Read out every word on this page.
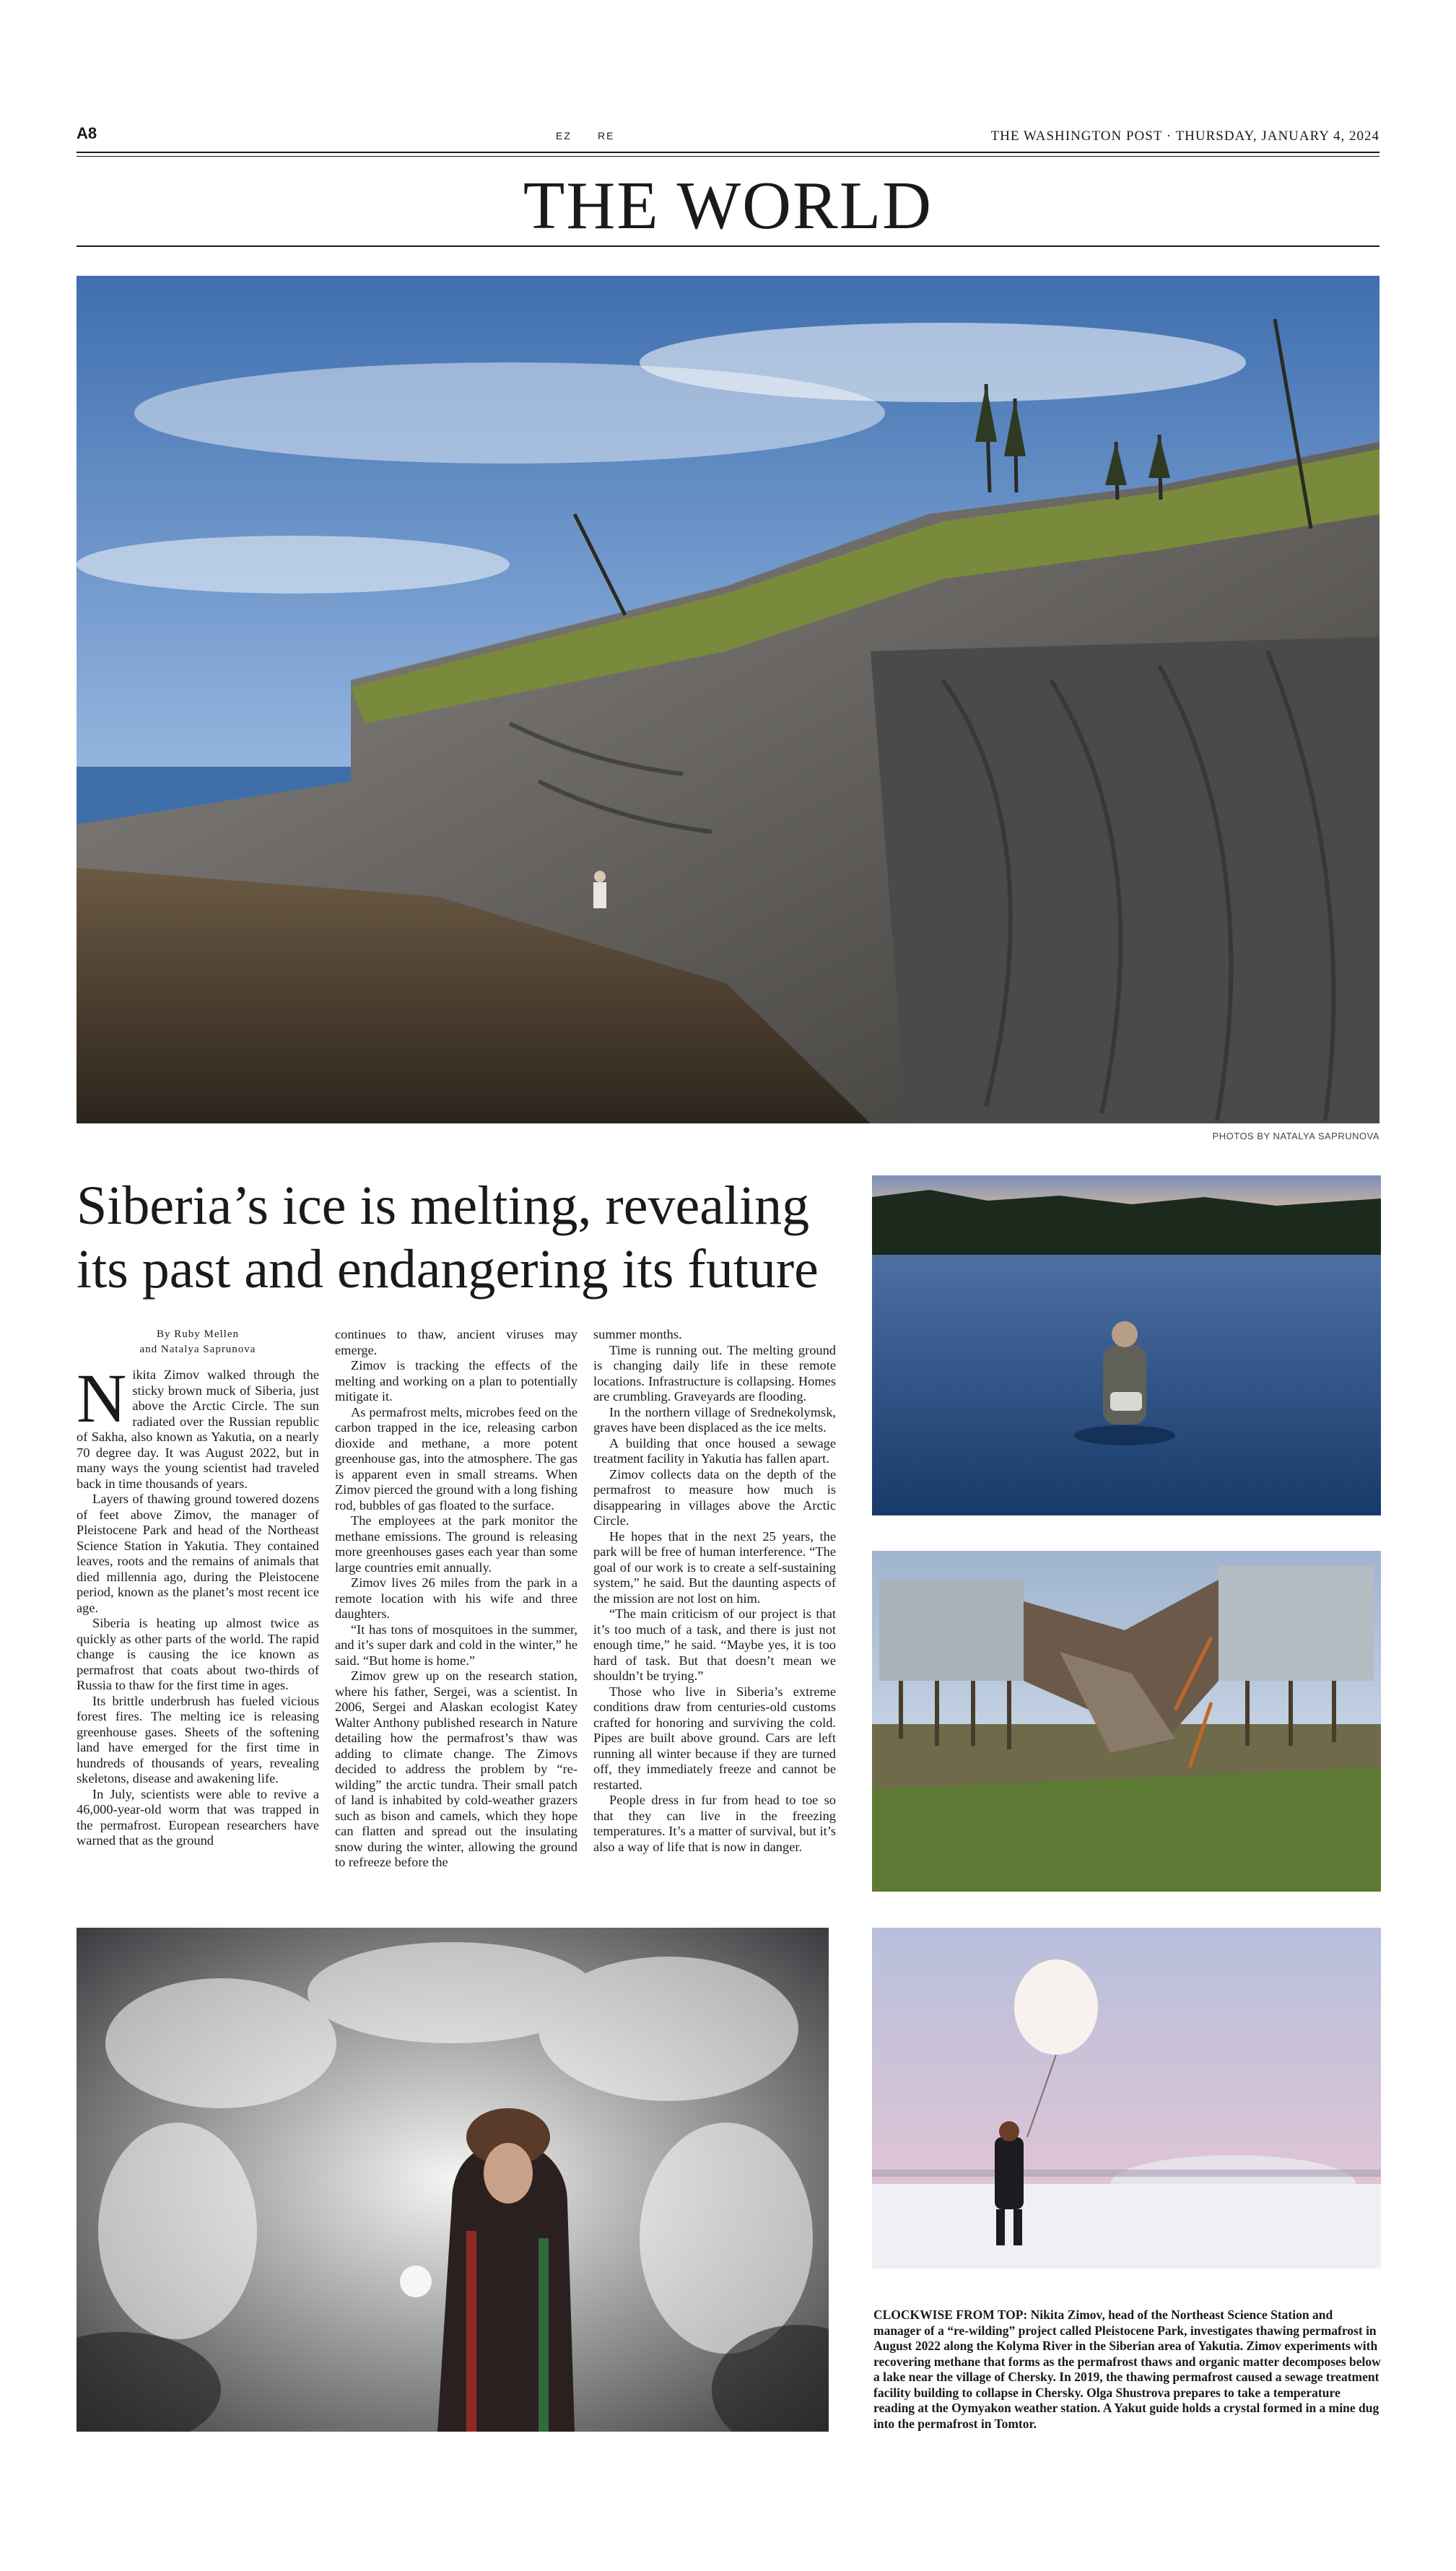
A8	EZ	RE	THE WASHINGTON POST · THURSDAY, JANUARY 4, 2024
THE WORLD
PHOTOS BY NATALYA SAPRUNOVA
Siberia’s ice is melting, revealing its past and endangering its future
By Ruby Mellen
and Natalya Saprunova

Nikita Zimov walked through the sticky brown muck of Siberia, just above the Arctic Circle. The sun radiated over the Russian republic of Sakha, also known as Yakutia, on a nearly 70 degree day. It was August 2022, but in many ways the young scientist had traveled back in time thousands of years.

Layers of thawing ground towered dozens of feet above Zimov, the manager of Pleistocene Park and head of the Northeast Science Station in Yakutia. They contained leaves, roots and the remains of animals that died millennia ago, during the Pleistocene period, known as the planet’s most recent ice age.

Siberia is heating up almost twice as quickly as other parts of the world. The rapid change is causing the ice known as permafrost that coats about two-thirds of Russia to thaw for the first time in ages.

Its brittle underbrush has fueled vicious forest fires. The melting ice is releasing greenhouse gases. Sheets of the softening land have emerged for the first time in hundreds of thousands of years, revealing skeletons, disease and awakening life.

In July, scientists were able to revive a 46,000-year-old worm that was trapped in the permafrost. European researchers have warned that as the ground

continues to thaw, ancient viruses may emerge.

Zimov is tracking the effects of the melting and working on a plan to potentially mitigate it.

As permafrost melts, microbes feed on the carbon trapped in the ice, releasing carbon dioxide and methane, a more potent greenhouse gas, into the atmosphere. The gas is apparent even in small streams. When Zimov pierced the ground with a long fishing rod, bubbles of gas floated to the surface.

The employees at the park monitor the methane emissions. The ground is releasing more greenhouses gases each year than some large countries emit annually.

Zimov lives 26 miles from the park in a remote location with his wife and three daughters.

“It has tons of mosquitoes in the summer, and it’s super dark and cold in the winter,” he said. “But home is home.”

Zimov grew up on the research station, where his father, Sergei, was a scientist. In 2006, Sergei and Alaskan ecologist Katey Walter Anthony published research in Nature detailing how the permafrost’s thaw was adding to climate change. The Zimovs decided to address the problem by “re-wilding” the arctic tundra. Their small patch of land is inhabited by cold-weather grazers such as bison and camels, which they hope can flatten and spread out the insulating snow during the winter, allowing the ground to refreeze before the

summer months.

Time is running out. The melting ground is changing daily life in these remote locations. Infrastructure is collapsing. Homes are crumbling. Graveyards are flooding.

In the northern village of Srednekolymsk, graves have been displaced as the ice melts.

A building that once housed a sewage treatment facility in Yakutia has fallen apart.

Zimov collects data on the depth of the permafrost to measure how much is disappearing in villages above the Arctic Circle.

He hopes that in the next 25 years, the park will be free of human interference. “The goal of our work is to create a self-sustaining system,” he said. But the daunting aspects of the mission are not lost on him.

“The main criticism of our project is that it’s too much of a task, and there is just not enough time,” he said. “Maybe yes, it is too hard of task. But that doesn’t mean we shouldn’t be trying.”

Those who live in Siberia’s extreme conditions draw from centuries-old customs crafted for honoring and surviving the cold. Pipes are built above ground. Cars are left running all winter because if they are turned off, they immediately freeze and cannot be restarted.

People dress in fur from head to toe so that they can live in the freezing temperatures. It’s a matter of survival, but it’s also a way of life that is now in danger.

CLOCKWISE FROM TOP: Nikita Zimov, head of the Northeast Science Station and manager of a “re-wilding” project called Pleistocene Park, investigates thawing permafrost in August 2022 along the Kolyma River in the Siberian area of Yakutia. Zimov experiments with recovering methane that forms as the permafrost thaws and organic matter decomposes below a lake near the village of Chersky. In 2019, the thawing permafrost caused a sewage treatment facility building to collapse in Chersky. Olga Shustrova prepares to take a temperature reading at the Oymyakon weather station. A Yakut guide holds a crystal formed in a mine dug into the permafrost in Tomtor.
